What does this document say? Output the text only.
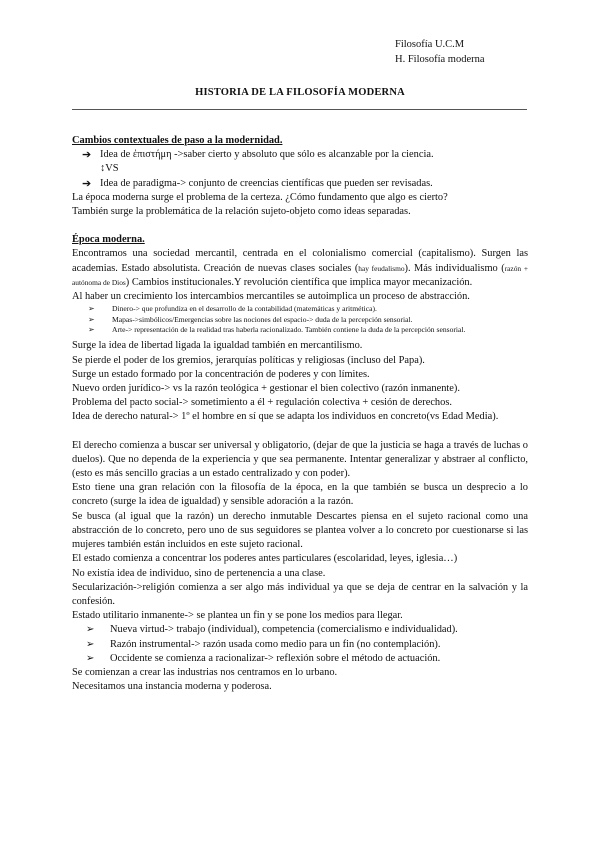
Filosofía U.C.M
H. Filosofía moderna
HISTORIA DE LA FILOSOFÍA MODERNA

Cambios contextuales de paso a la modernidad.

➔ Idea de ἐπιστήμη ->saber cierto y absoluto que sólo es alcanzable por la ciencia.

↕VS

➔ Idea de paradigma-> conjunto de creencias científicas que pueden ser revisadas.

La época moderna surge el problema de la certeza. ¿Cómo fundamento que algo es cierto?

También surge la problemática de la relación sujeto-objeto como ideas separadas.

Época moderna.

Encontramos una sociedad mercantil, centrada en el colonialismo comercial (capitalismo). Surgen las academias. Estado absolutista. Creación de nuevas clases sociales (hay feudalismo). Más individualismo (razón + autónoma de Dios) Cambios institucionales.Y revolución científica que implica mayor mecanización.

Al haber un crecimiento los intercambios mercantiles se autoimplica un proceso de abstracción.

➢ Dinero-> que profundiza en el desarrollo de la contabilidad (matemáticas y aritmética).

➢ Mapas->simbólicos/Emergencias sobre las nociones del espacio-> duda de la percepción sensorial.

➢ Arte-> representación de la realidad tras haberla racionalizado. También contiene la duda de la percepción sensorial.

Surge la idea de libertad ligada la igualdad también en mercantilismo.

Se pierde el poder de los gremios, jerarquías políticas y religiosas (incluso del Papa).

Surge un estado formado por la concentración de poderes y con límites.

Nuevo orden jurídico-> vs la razón teológica + gestionar el bien colectivo (razón inmanente).

Problema del pacto social-> sometimiento a él + regulación colectiva + cesión de derechos.

Idea de derecho natural-> 1º el hombre en sí que se adapta los individuos en concreto(vs Edad Media).

El derecho comienza a buscar ser universal y obligatorio, (dejar de que la justicia se haga a través de luchas o duelos). Que no dependa de la experiencia y que sea permanente. Intentar generalizar y abstraer al conflicto, (esto es más sencillo gracias a un estado centralizado y con poder).

Esto tiene una gran relación con la filosofía de la época, en la que también se busca un desprecio a lo concreto (surge la idea de igualdad) y sensible adoración a la razón.

Se busca (al igual que la razón) un derecho inmutable Descartes piensa en el sujeto racional como una abstracción de lo concreto, pero uno de sus seguidores se plantea volver a lo concreto por cuestionarse si las mujeres también están incluidos en este sujeto racional.

El estado comienza a concentrar los poderes antes particulares (escolaridad, leyes, iglesia…)

No existía idea de individuo, sino de pertenencia a una clase.

Secularización->religión comienza a ser algo más individual ya que se deja de centrar en la salvación y la confesión.

Estado utilitario inmanente-> se plantea un fin y se pone los medios para llegar.

➢ Nueva virtud-> trabajo (individual), competencia (comercialismo e individualidad).

➢ Razón instrumental-> razón usada como medio para un fin (no contemplación).

➢ Occidente se comienza a racionalizar-> reflexión sobre el método de actuación.

Se comienzan a crear las industrias nos centramos en lo urbano.

Necesitamos una instancia moderna y poderosa.
